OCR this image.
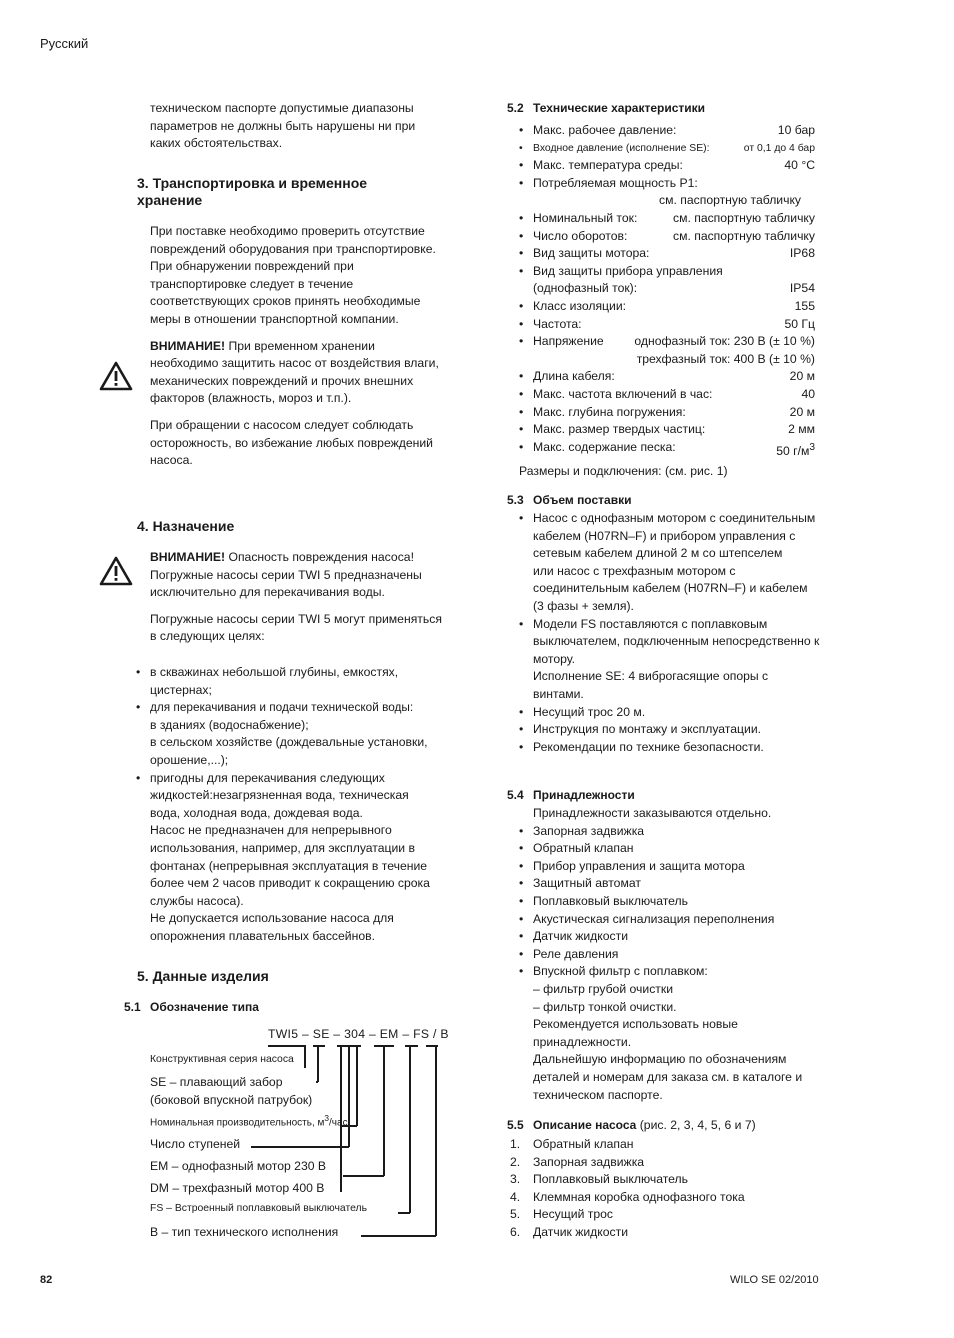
Русский

техническом паспорте допустимые диапазоны параметров не должны быть нарушены ни при каких обстоятельствах.

3. Транспортировка и временное хранение

При поставке необходимо проверить отсутствие повреждений оборудования при транспортировке. При обнаружении повреждений при транспортировке следует в течение соответствующих сроков принять необходимые меры в отношении транспортной компании.

ВНИМАНИЕ! При временном хранении необходимо защитить насос от воздействия влаги, механических повреждений и прочих внешних факторов (влажность, мороз и т.п.).

При обращении с насосом следует соблюдать осторожность, во избежание любых повреждений насоса.

4. Назначение

ВНИМАНИЕ! Опасность повреждения насоса! Погружные насосы серии TWI 5 предназначены исключительно для перекачивания воды.

Погружные насосы серии TWI 5 могут применяться в следующих целях:

• в скважинах небольшой глубины, емкостях, цистернах;
• для перекачивания и подачи технической воды:
в зданиях (водоснабжение);
в сельском хозяйстве (дождевальные установки, орошение,...);
• пригодны для перекачивания следующих жидкостей:незагрязненная вода, техническая вода, холодная вода, дождевая вода.
Насос не предназначен для непрерывного использования, например, для эксплуатации в фонтанах (непрерывная эксплуатация в течение более чем 2 часов приводит к сокращению срока службы насоса).
Не допускается использование насоса для опорожнения плавательных бассейнов.
5. Данные изделия
5.1 Обозначение типа
TWI5 – SE – 304 – EM – FS / B
Конструктивная серия насоса
SE – плавающий забор
(боковой впускной патрубок)
Номинальная производительность, $м^3$/час
Число ступеней
EM – однофазный мотор 230 В
DM – трехфазный мотор 400 В
FS – Встроенный поплавковый выключатель
B – тип технического исполнения
5.2 Технические характеристики
• Макс. рабочее давление:	10 бар
• Входное давление (исполнение SE):	от 0,1 до 4 бар
• Макс. температура среды:	40 °C
• Потребляемая мощность P1:
см. паспортную табличку
• Номинальный ток:	см. паспортную табличку
• Число оборотов:	см. паспортную табличку
• Вид защиты мотора:	IP68
• Вид защиты прибора управления
(однофазный ток):	IP54
• Класс изоляции:	155
• Частота:	50 Гц
• Напряжение	однофазный ток: 230 В (± 10 %)
трехфазный ток: 400 В (± 10 %)
• Длина кабеля:	20 м
• Макс. частота включений в час:	40
• Макс. глубина погружения:	20 м
• Макс. размер твердых частиц:	2 мм
• Макс. содержание песка:	50 $г/м^3$
Размеры и подключения: (см. рис. 1)
5.3 Объем поставки
• Насос с однофазным мотором с соединительным кабелем (H07RN–F) и прибором управления с сетевым кабелем длиной 2 м со штепселем
или насос с трехфазным мотором с соединительным кабелем (H07RN–F) и кабелем (3 фазы + земля).
• Модели FS поставляются с поплавковым выключателем, подключенным непосредственно к мотору.
Исполнение SE: 4 виброгасящие опоры с винтами.
• Несущий трос 20 м.
• Инструкция по монтажу и эксплуатации.
• Рекомендации по технике безопасности.
5.4 Принадлежности
Принадлежности заказываются отдельно.
• Запорная задвижка
• Обратный клапан
• Прибор управления и защита мотора
• Защитный автомат
• Поплавковый выключатель
• Акустическая сигнализация переполнения
• Датчик жидкости
• Реле давления
• Впускной фильтр с поплавком:
– фильтр грубой очистки
– фильтр тонкой очистки.
Рекомендуется использовать новые принадлежности.
Дальнейшую информацию по обозначениям деталей и номерам для заказа см. в каталоге и техническом паспорте.
5.5 Описание насоса (рис. 2, 3, 4, 5, 6 и 7)
1. Обратный клапан
2. Запорная задвижка
3. Поплавковый выключатель
4. Клеммная коробка однофазного тока
5. Несущий трос
6. Датчик жидкости
82	WILO SE 02/2010
